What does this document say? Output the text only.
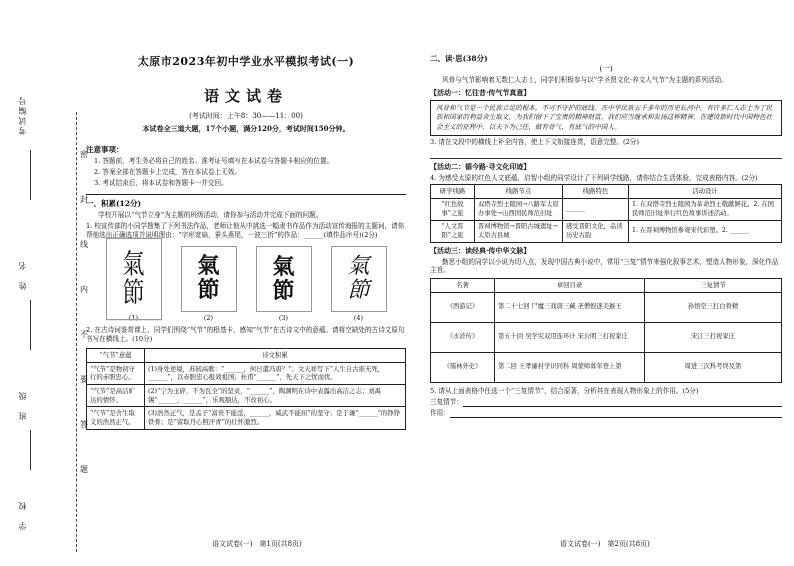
考试编号
姓　名
班　级
学　校
密
封
线
内
不
要
答
题
太原市2023年初中学业水平模拟考试(一)
语文试卷
(考试时间：上午8：30——11：00)
本试卷全三道大题，17个小题，满分120分，考试时间150分钟。
注意事项：
1. 答题前，考生务必将自己的姓名、准考证号填写在本试卷与答题卡相应的位置。
2. 答案全部在答题卡上完成，答在本试卷上无效。
3. 考试结束后，将本试卷和答题卡一并交回。
一、积累(12分)
学校开展以“气节立身”为主题的班级活动，请你参与活动并完成下面的问题。
1. 校宣传部的小同学搜集了下列书法作品，老师让他从中挑选一幅隶书作品作为活动宣传海报的主题词，请你帮他选出正确选项并说明理由：“字形宽扁，蚕头燕尾，一波三折”的作品：______(填作品序号)(2分)
氣
節
(1)
氣
節
(2)
氣
節
(3)
氣
節
(4)
2. 在古诗词鉴赏课上，同学们围绕“气节”的根基卡，感知“气节”在古诗文中的意蕴。请将空缺处的古诗文原句书写在横线上。(10分)
“气节”意蕴	诗文积累
“气节”是物初守行的赤胆忠心。	(1)身处逆境，苏轼高歌：“______，何日遣冯唐？”；文天祥写下“人生自古谁无死，______”，以赤胆忠心报效祖国；杜甫“______”，先天下之忧而忧。
“气节”是高洁旷达的情怀。	(2)“宁为玉碎，不为瓦全”的坚贞，“______”，陶渊明在诗中表露出高洁之志；刘禹锡“______，______”，乐观豁达，不改初心。
“气节”是舍生取义的浩然正气。	(3)浩然正气，是孟子“富贵不能淫，______，威武不能屈”的坚守；是于谦“______”的铮铮铁骨；是“留取丹心照汗青”的壮怀激烈。
二、读·思(38分)
(一)
风骨与气节影响着无数仁人志士，同学们积极参与以“学圣贤文化·养文人气节”为主题的系列活动。
【活动一：忆往昔·传气节真意】
风骨和气节是一个民族立足的根本，不可不守护的底线。在中华民族五千多年的历史长河中，有许多仁人志士为了民族和国家的利益舍生取义，为我们留下了宝贵的精神财富。我们应当继承和发扬这种精神，在建设新时代中国特色社会主义的征程中，以天下为己任，做有骨气、有底气的中国人。
3. 请在文段中的横线上补全内容，使上下文衔接连贯，语意完整。(2分)
【活动二：循今路·寻文化印迹】
4. 为感受太原的红色人文底蕴，启智小组的同学设计了下列研学线路，请你结合生活体验，完成表格内容。(2分)
研学线路	线路节点	线路特色	活动设计
“红色故事”之旅	双塔寺烈士陵园→八路军太原办事处→山西国民师范旧址	______	1. 在双塔寺烈士陵园为革命烈士敬献鲜花。2. 在国民师范旧址举行红色故事讲述活动。
“人文晋阳”之旅	晋祠博物馆→晋阳古城遗址→太原古县城	感受晋阳文化，品读历史古韵	1. 在晋祠博物馆参观宋代彩塑。2. ______
【活动三：读经典·传中华文脉】
勤思小组的同学以小说为切入点，发现中国古典小说中，常用“三复”情节来强化叙事艺术，塑造人物形象，深化作品主旨。
名著	章回目录	三复情节
《西游记》	第二十七回 尸魔三戏唐三藏 圣僧恨逐美猴王	孙悟空三打白骨精
《水浒传》	第五十回 吴学究双用连环计 宋公明三打祝家庄	宋江三打祝家庄
《儒林外史》	第二回 王孝廉村学识同科 周蒙师暮年登上第	周进三次科考终及第
5. 请从上面表格中任选一个“三复情节”，结合原著，分析其在表现人物形象上的作用。(5分)
三复情节：
作用：
语文试卷(一)　第1页(共8页)	语文试卷(一)　第2页(共8页)
